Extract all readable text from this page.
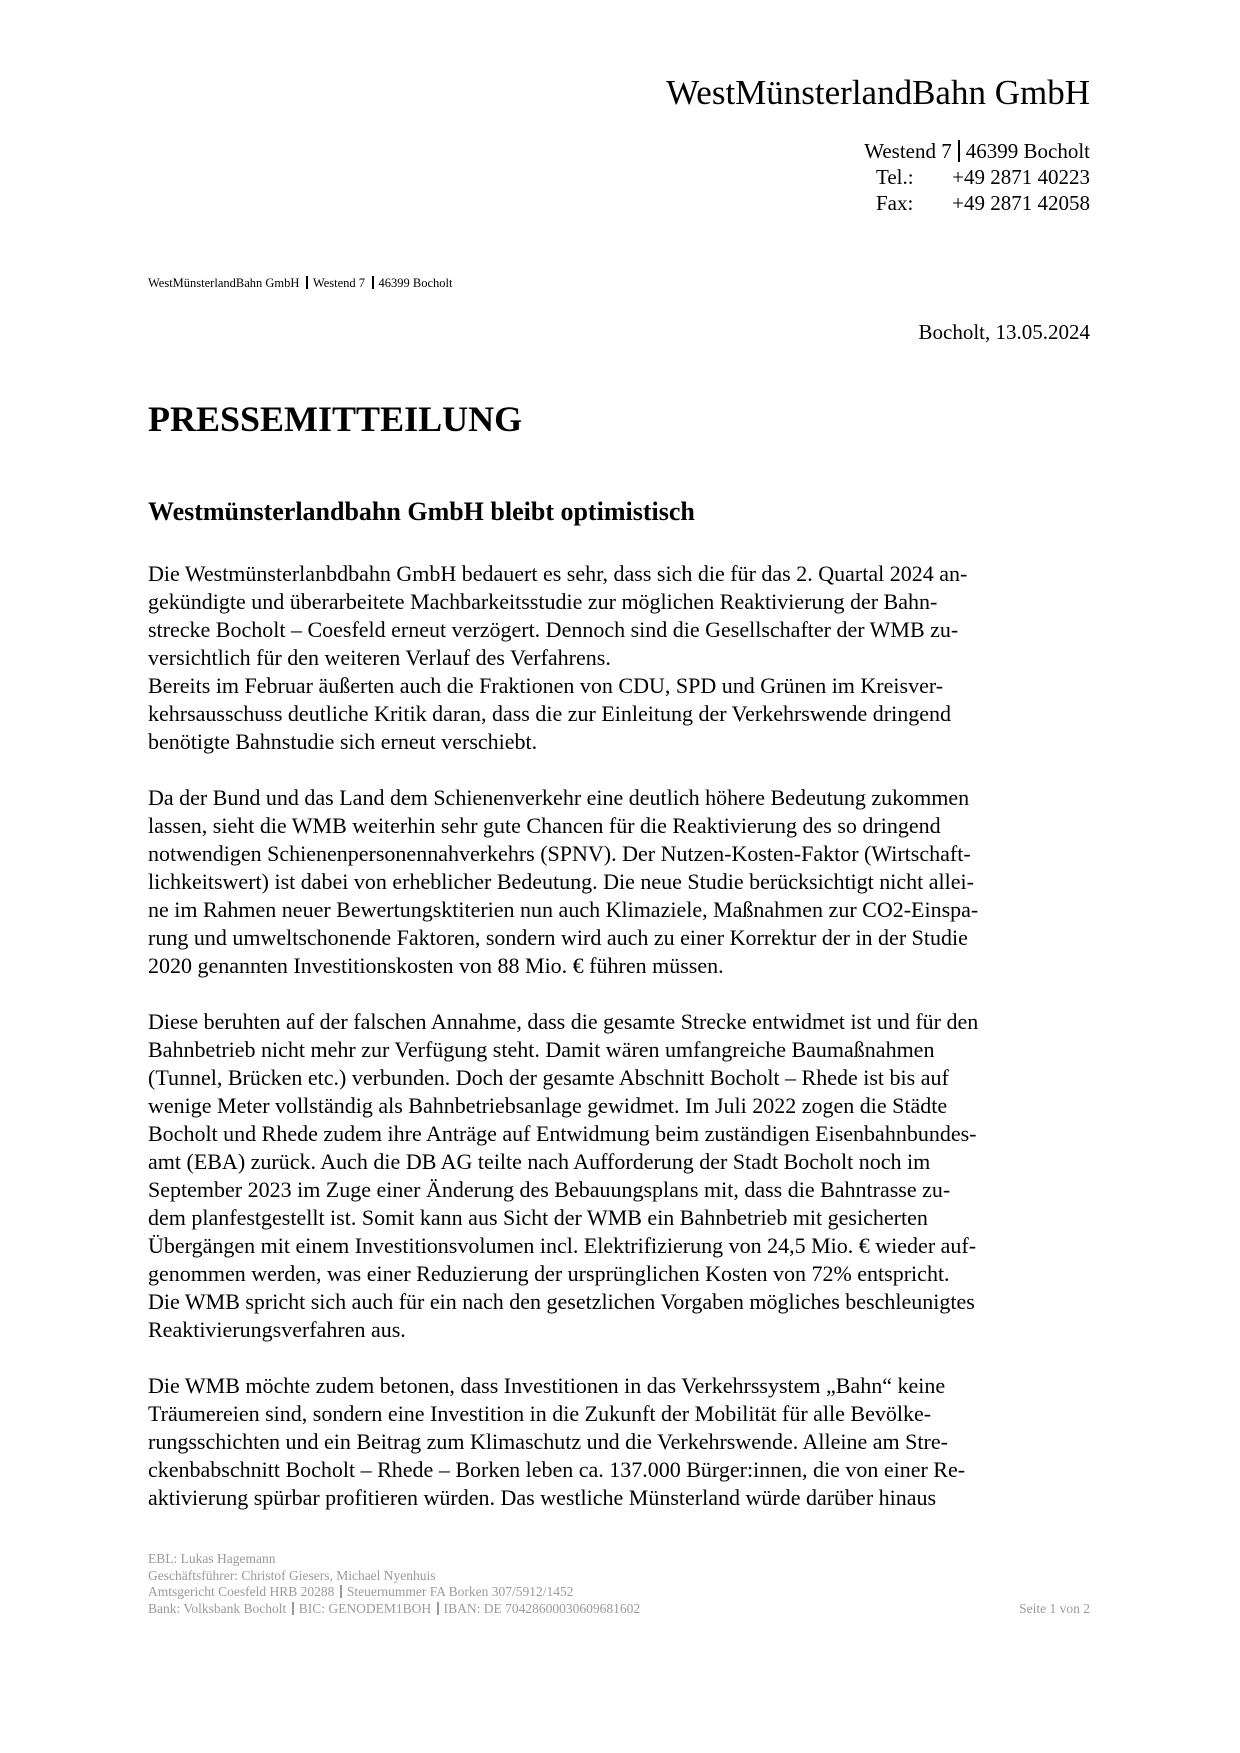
WestMünsterlandBahn GmbH
Westend 7 46399 Bocholt
Tel.:	+49 2871 40223
Fax:	+49 2871 42058
WestMünsterlandBahn GmbH Westend 7 46399 Bocholt
Bocholt, 13.05.2024
PRESSEMITTEILUNG
Westmünsterlandbahn GmbH bleibt optimistisch

Die Westmünsterlanbdbahn GmbH bedauert es sehr, dass sich die für das 2. Quartal 2024 an-
gekündigte und überarbeitete Machbarkeitsstudie zur möglichen Reaktivierung der Bahn-
strecke Bocholt – Coesfeld erneut verzögert. Dennoch sind die Gesellschafter der WMB zu-
versichtlich für den weiteren Verlauf des Verfahrens.

Bereits im Februar äußerten auch die Fraktionen von CDU, SPD und Grünen im Kreisver-
kehrsausschuss deutliche Kritik daran, dass die zur Einleitung der Verkehrswende dringend
benötigte Bahnstudie sich erneut verschiebt.

Da der Bund und das Land dem Schienenverkehr eine deutlich höhere Bedeutung zukommen
lassen, sieht die WMB weiterhin sehr gute Chancen für die Reaktivierung des so dringend
notwendigen Schienenpersonennahverkehrs (SPNV). Der Nutzen-Kosten-Faktor (Wirtschaft-
lichkeitswert) ist dabei von erheblicher Bedeutung. Die neue Studie berücksichtigt nicht allei-
ne im Rahmen neuer Bewertungsktiterien nun auch Klimaziele, Maßnahmen zur CO2-Einspa-
rung und umweltschonende Faktoren, sondern wird auch zu einer Korrektur der in der Studie
2020 genannten Investitionskosten von 88 Mio. € führen müssen.

Diese beruhten auf der falschen Annahme, dass die gesamte Strecke entwidmet ist und für den
Bahnbetrieb nicht mehr zur Verfügung steht. Damit wären umfangreiche Baumaßnahmen
(Tunnel, Brücken etc.) verbunden. Doch der gesamte Abschnitt Bocholt – Rhede ist bis auf
wenige Meter vollständig als Bahnbetriebsanlage gewidmet. Im Juli 2022 zogen die Städte
Bocholt und Rhede zudem ihre Anträge auf Entwidmung beim zuständigen Eisenbahnbundes-
amt (EBA) zurück. Auch die DB AG teilte nach Aufforderung der Stadt Bocholt noch im
September 2023 im Zuge einer Änderung des Bebauungsplans mit, dass die Bahntrasse zu-
dem planfestgestellt ist. Somit kann aus Sicht der WMB ein Bahnbetrieb mit gesicherten
Übergängen mit einem Investitionsvolumen incl. Elektrifizierung von 24,5 Mio. € wieder auf-
genommen werden, was einer Reduzierung der ursprünglichen Kosten von 72% entspricht.
Die WMB spricht sich auch für ein nach den gesetzlichen Vorgaben mögliches beschleunigtes
Reaktivierungsverfahren aus.

Die WMB möchte zudem betonen, dass Investitionen in das Verkehrssystem „Bahn“ keine
Träumereien sind, sondern eine Investition in die Zukunft der Mobilität für alle Bevölke-
rungsschichten und ein Beitrag zum Klimaschutz und die Verkehrswende. Alleine am Stre-
ckenbabschnitt Bocholt – Rhede – Borken leben ca. 137.000 Bürger:innen, die von einer Re-
aktivierung spürbar profitieren würden. Das westliche Münsterland würde darüber hinaus

EBL: Lukas Hagemann
Geschäftsführer: Christof Giesers, Michael Nyenhuis
Amtsgericht Coesfeld HRB 20288 Steuernummer FA Borken 307/5912/1452
Bank: Volksbank Bocholt BIC: GENODEM1BOH IBAN: DE 70428600030609681602	Seite 1 von 2
